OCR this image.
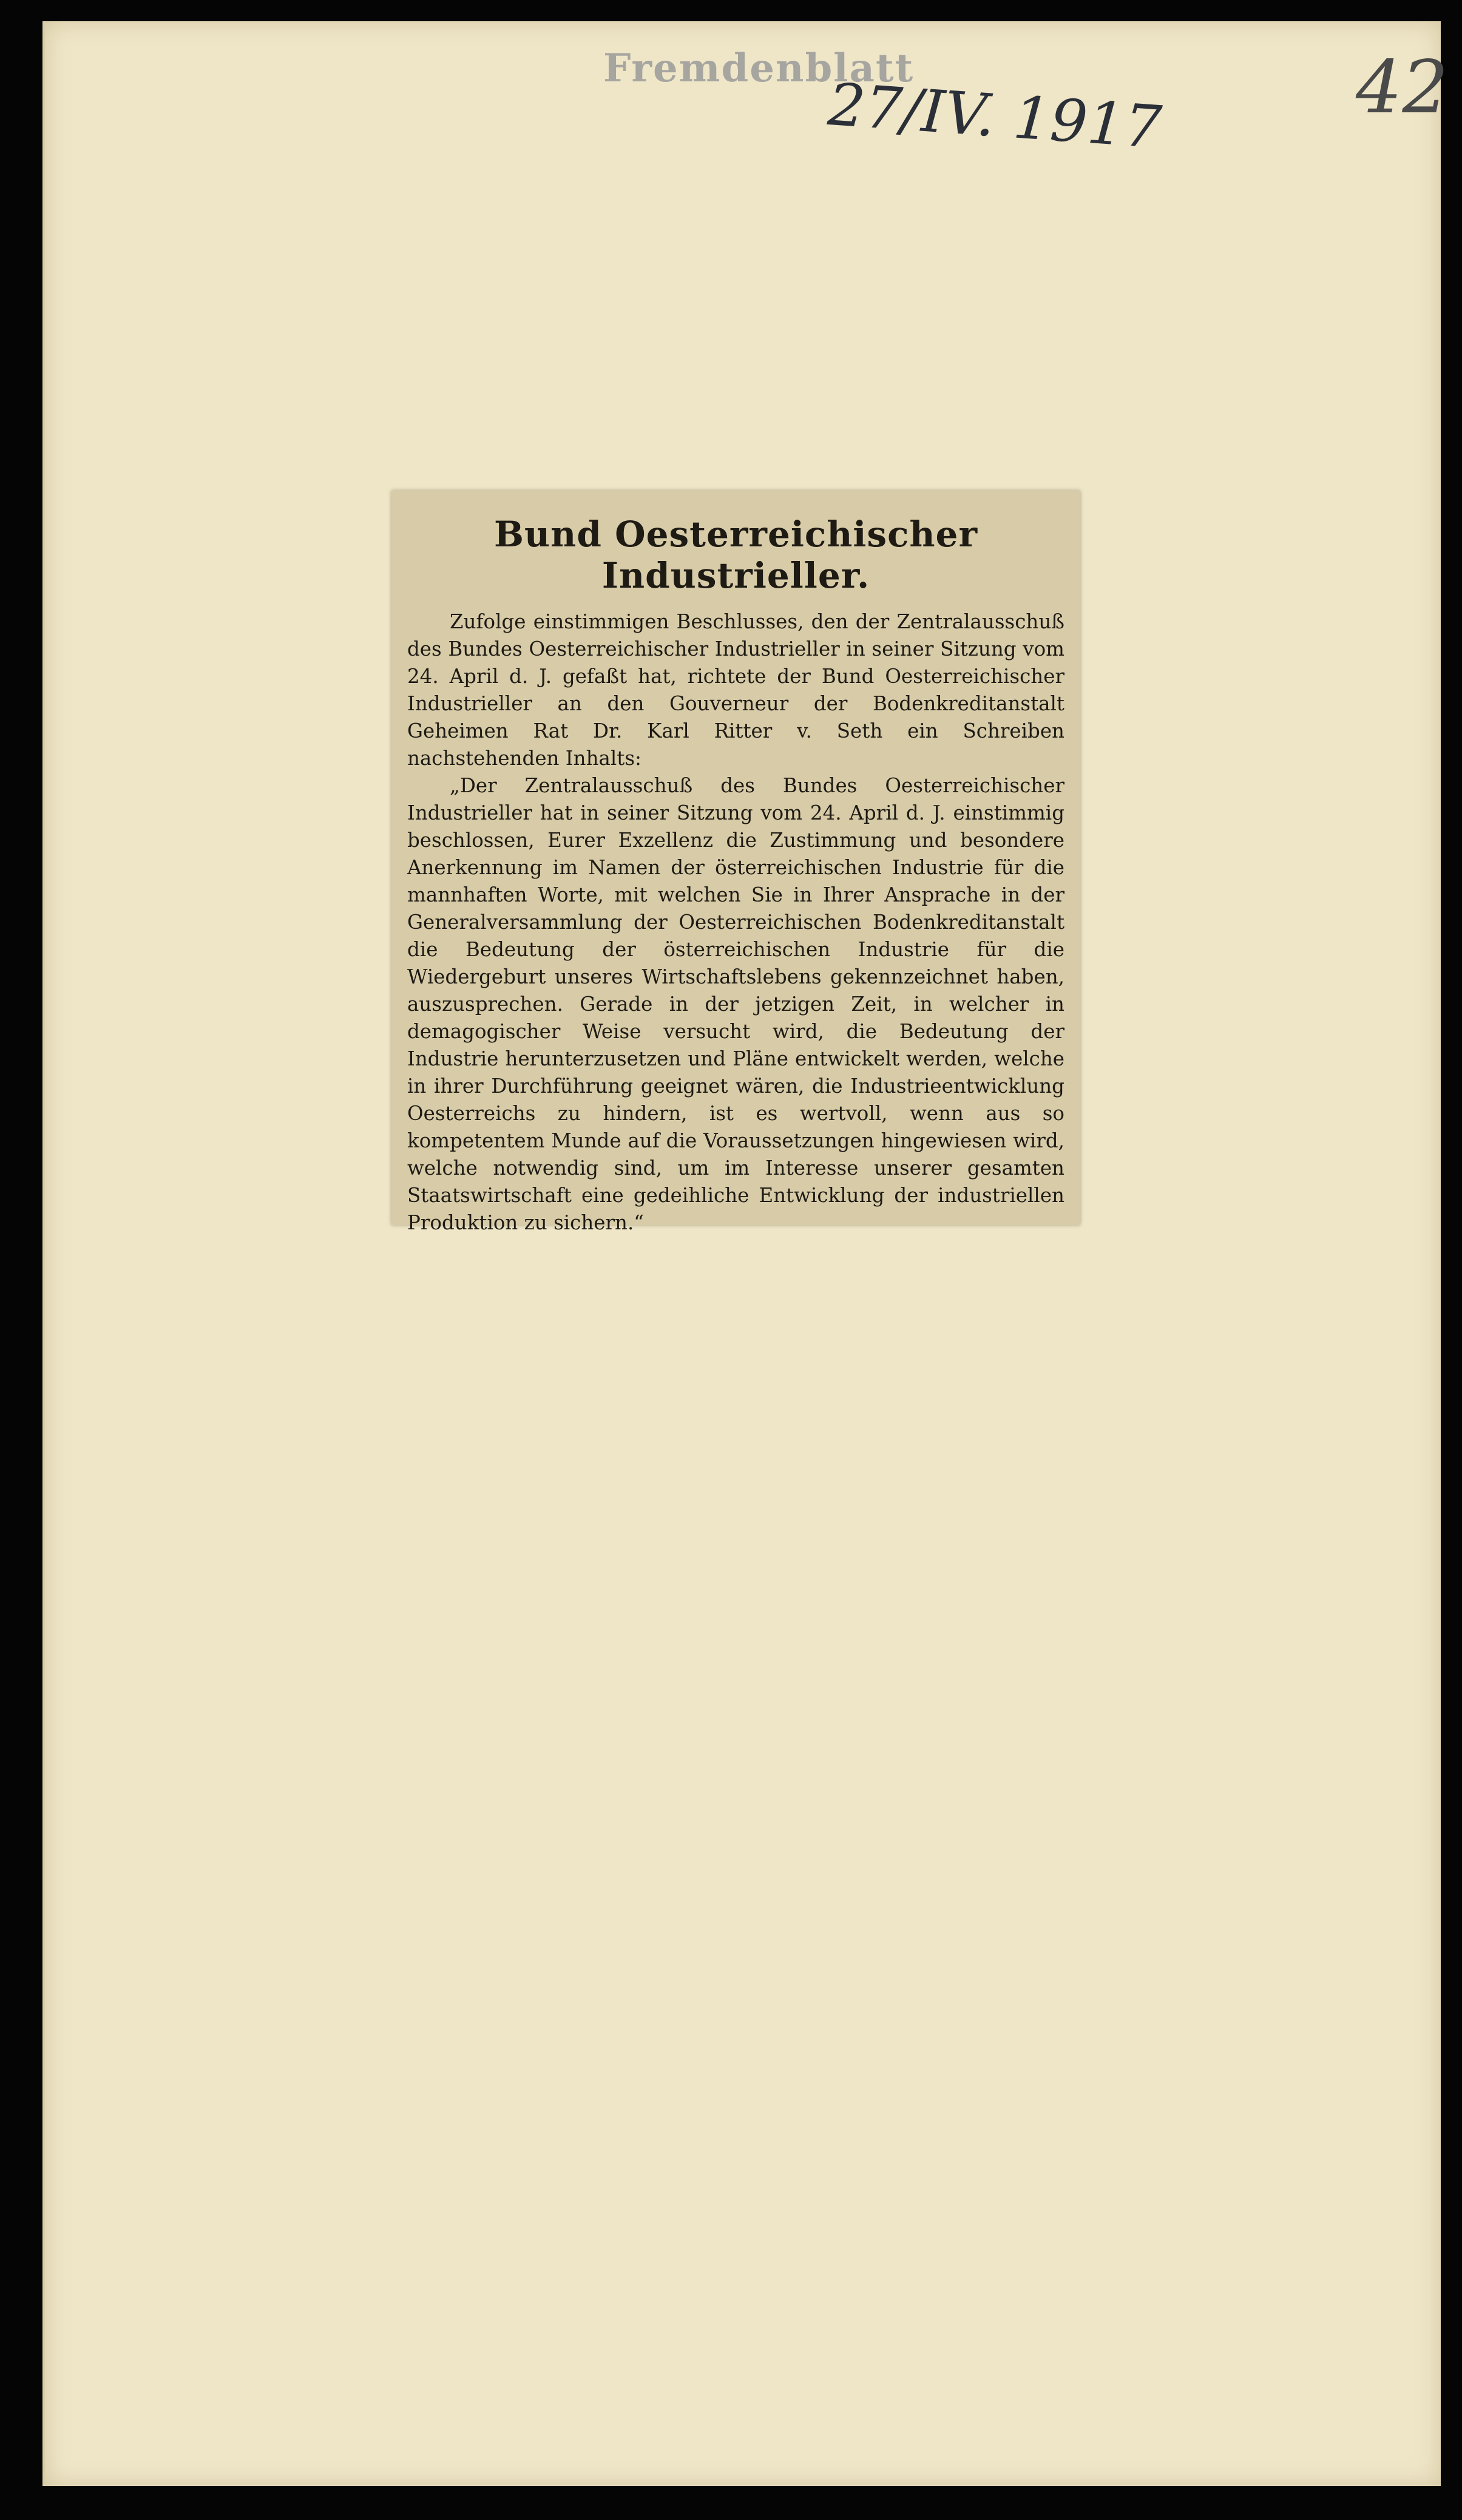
Fremdenblatt
27/IV. 1917	42
Bund Oesterreichischer Industrieller.

Zufolge einstimmigen Beschlusses, den der Zentralausschuß des Bundes Oesterreichischer Industrieller in seiner Sitzung vom 24. April d. J. gefaßt hat, richtete der Bund Oesterreichischer Industrieller an den Gouverneur der Bodenkreditanstalt Geheimen Rat Dr. Karl Ritter v. Seth ein Schreiben nachstehenden Inhalts:

„Der Zentralausschuß des Bundes Oesterreichischer Industrieller hat in seiner Sitzung vom 24. April d. J. einstimmig beschlossen, Eurer Exzellenz die Zustimmung und besondere Anerkennung im Namen der österreichischen Industrie für die mannhaften Worte, mit welchen Sie in Ihrer Ansprache in der Generalversammlung der Oesterreichischen Bodenkreditanstalt die Bedeutung der österreichischen Industrie für die Wiedergeburt unseres Wirtschaftslebens gekennzeichnet haben, auszusprechen. Gerade in der jetzigen Zeit, in welcher in demagogischer Weise versucht wird, die Bedeutung der Industrie herunterzusetzen und Pläne entwickelt werden, welche in ihrer Durchführung geeignet wären, die Industrieentwicklung Oesterreichs zu hindern, ist es wertvoll, wenn aus so kompetentem Munde auf die Voraussetzungen hingewiesen wird, welche notwendig sind, um im Interesse unserer gesamten Staatswirtschaft eine gedeihliche Entwicklung der industriellen Produktion zu sichern.“
